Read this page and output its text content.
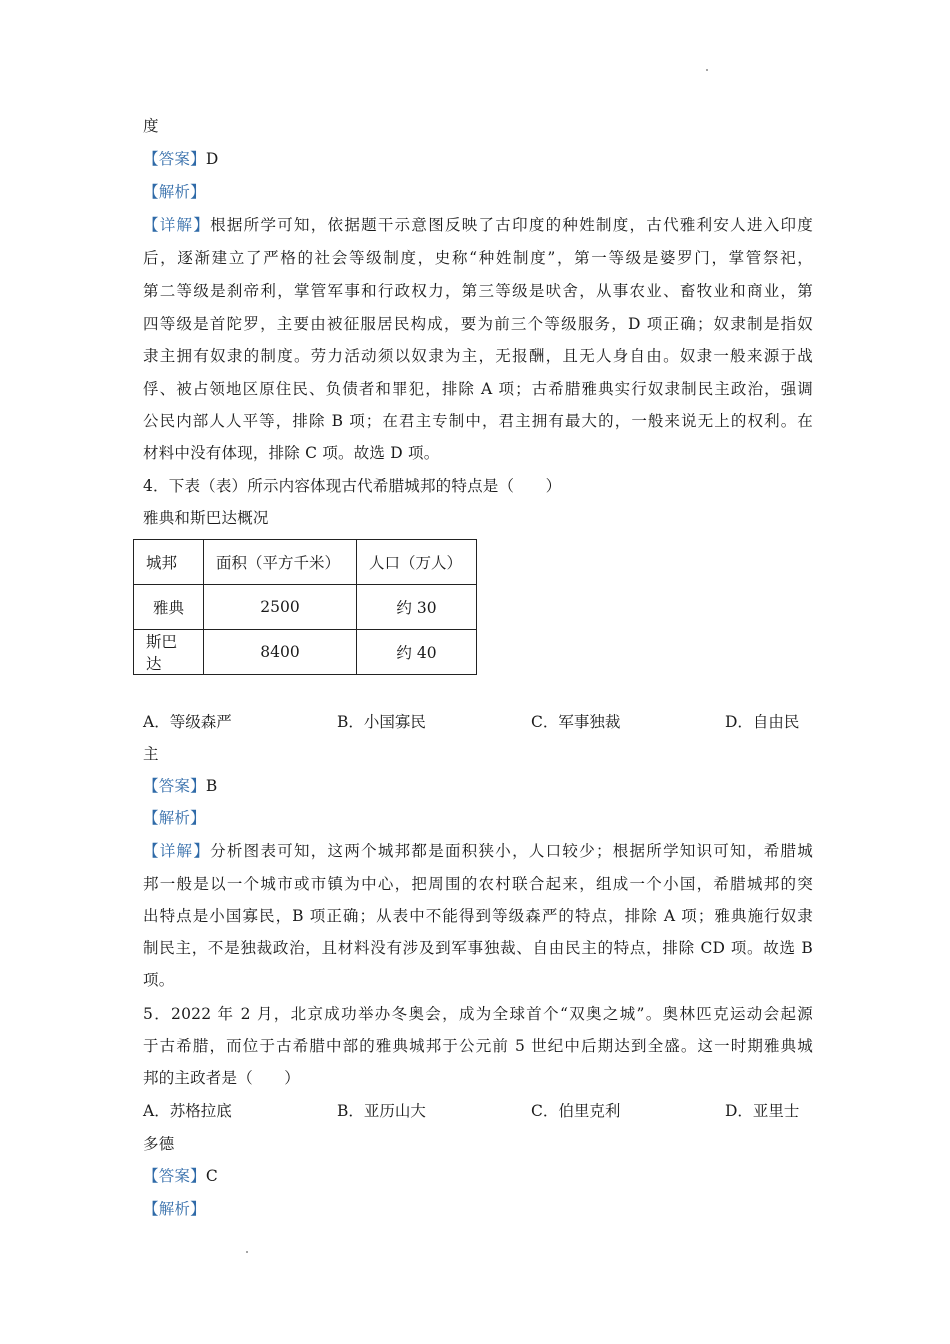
度
【答案】D
【解析】
【详解】根据所学可知，依据题干示意图反映了古印度的种姓制度，古代雅利安人进入印度
后，逐渐建立了严格的社会等级制度，史称“种姓制度”，第一等级是婆罗门，掌管祭祀，
第二等级是刹帝利，掌管军事和行政权力，第三等级是吠舍，从事农业、畜牧业和商业，第
四等级是首陀罗，主要由被征服居民构成，要为前三个等级服务，D 项正确；奴隶制是指奴
隶主拥有奴隶的制度。劳力活动须以奴隶为主，无报酬，且无人身自由。奴隶一般来源于战
俘、被占领地区原住民、负债者和罪犯，排除 A 项；古希腊雅典实行奴隶制民主政治，强调
公民内部人人平等，排除 B 项；在君主专制中，君主拥有最大的，一般来说无上的权利。在
材料中没有体现，排除 C 项。故选 D 项。
4．下表（表）所示内容体现古代希腊城邦的特点是（　　）
雅典和斯巴达概况
城邦	面积（平方千米）	人口（万人）
雅典	2500	约 30
斯巴达	8400	约 40
A．等级森严	B．小国寡民	C．军事独裁	D．自由民
主
【答案】B
【解析】
【详解】分析图表可知，这两个城邦都是面积狭小，人口较少；根据所学知识可知，希腊城
邦一般是以一个城市或市镇为中心，把周围的农村联合起来，组成一个小国，希腊城邦的突
出特点是小国寡民，B 项正确；从表中不能得到等级森严的特点，排除 A 项；雅典施行奴隶
制民主，不是独裁政治，且材料没有涉及到军事独裁、自由民主的特点，排除 CD 项。故选 B
项。
5．2022 年 2 月，北京成功举办冬奥会，成为全球首个“双奥之城”。奥林匹克运动会起源
于古希腊，而位于古希腊中部的雅典城邦于公元前 5 世纪中后期达到全盛。这一时期雅典城
邦的主政者是（　　）
A．苏格拉底	B．亚历山大	C．伯里克利	D．亚里士
多德
【答案】C
【解析】
